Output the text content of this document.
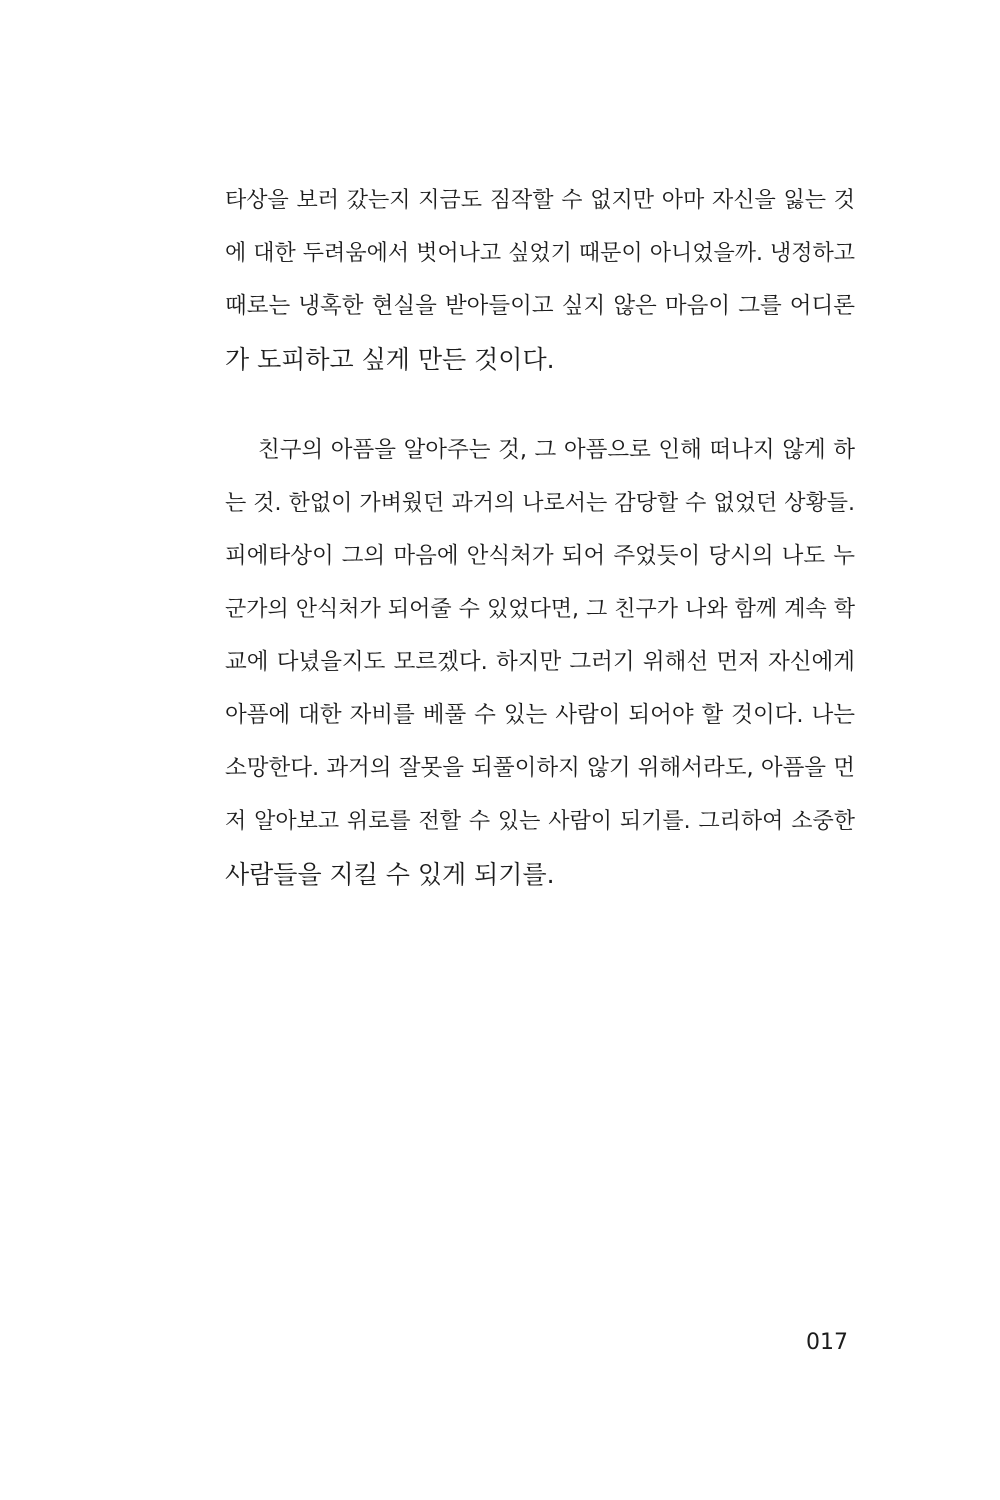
타상을 보러 갔는지 지금도 짐작할 수 없지만 아마 자신을 잃는 것
에 대한 두려움에서 벗어나고 싶었기 때문이 아니었을까. 냉정하고
때로는 냉혹한 현실을 받아들이고 싶지 않은 마음이 그를 어디론
가 도피하고 싶게 만든 것이다.
친구의 아픔을 알아주는 것, 그 아픔으로 인해 떠나지 않게 하
는 것. 한없이 가벼웠던 과거의 나로서는 감당할 수 없었던 상황들.
피에타상이 그의 마음에 안식처가 되어 주었듯이 당시의 나도 누
군가의 안식처가 되어줄 수 있었다면, 그 친구가 나와 함께 계속 학
교에 다녔을지도 모르겠다. 하지만 그러기 위해선 먼저 자신에게
아픔에 대한 자비를 베풀 수 있는 사람이 되어야 할 것이다. 나는
소망한다. 과거의 잘못을 되풀이하지 않기 위해서라도, 아픔을 먼
저 알아보고 위로를 전할 수 있는 사람이 되기를. 그리하여 소중한
사람들을 지킬 수 있게 되기를.
017
